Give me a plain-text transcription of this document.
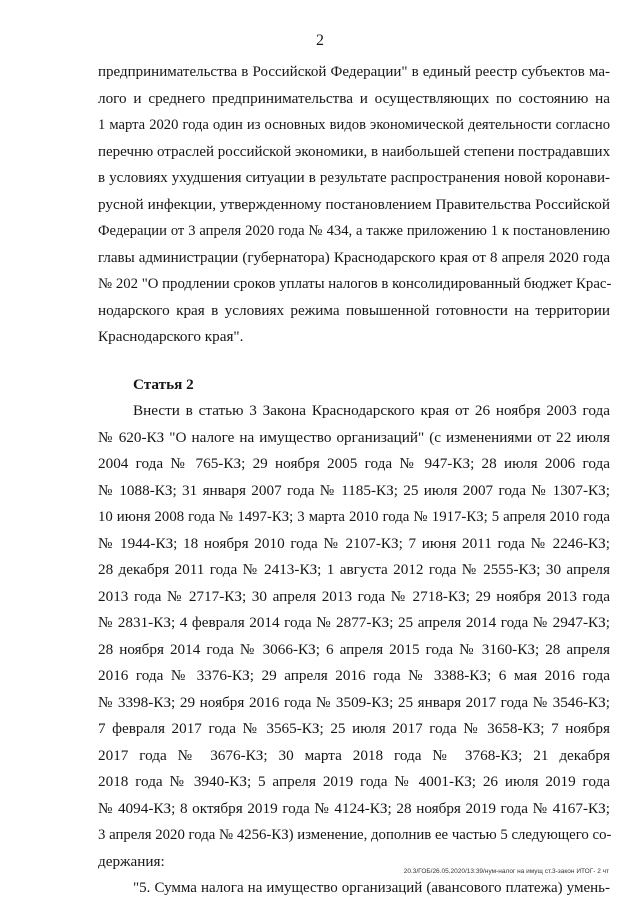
2
предпринимательства в Российской Федерации" в единый реестр субъектов ма-
лого и среднего предпринимательства и осуществляющих по состоянию на
1 марта 2020 года один из основных видов экономической деятельности согласно
перечню отраслей российской экономики, в наибольшей степени пострадавших
в условиях ухудшения ситуации в результате распространения новой коронави-
русной инфекции, утвержденному постановлением Правительства Российской
Федерации от 3 апреля 2020 года № 434, а также приложению 1 к постановлению
главы администрации (губернатора) Краснодарского края от 8 апреля 2020 года
№ 202 "О продлении сроков уплаты налогов в консолидированный бюджет Крас-
нодарского края в условиях режима повышенной готовности на территории
Краснодарского края".
Статья 2
Внести в статью 3 Закона Краснодарского края от 26 ноября 2003 года
№ 620-КЗ "О налоге на имущество организаций" (с изменениями от 22 июля
2004 года № 765-КЗ; 29 ноября 2005 года № 947-КЗ; 28 июля 2006 года
№ 1088-КЗ; 31 января 2007 года № 1185-КЗ; 25 июля 2007 года № 1307-КЗ;
10 июня 2008 года № 1497-КЗ; 3 марта 2010 года № 1917-КЗ; 5 апреля 2010 года
№ 1944-КЗ; 18 ноября 2010 года № 2107-КЗ; 7 июня 2011 года № 2246-КЗ;
28 декабря 2011 года № 2413-КЗ; 1 августа 2012 года № 2555-КЗ; 30 апреля
2013 года № 2717-КЗ; 30 апреля 2013 года № 2718-КЗ; 29 ноября 2013 года
№ 2831-КЗ; 4 февраля 2014 года № 2877-КЗ; 25 апреля 2014 года № 2947-КЗ;
28 ноября 2014 года № 3066-КЗ; 6 апреля 2015 года № 3160-КЗ; 28 апреля
2016 года № 3376-КЗ; 29 апреля 2016 года № 3388-КЗ; 6 мая 2016 года
№ 3398-КЗ; 29 ноября 2016 года № 3509-КЗ; 25 января 2017 года № 3546-КЗ;
7 февраля 2017 года № 3565-КЗ; 25 июля 2017 года № 3658-КЗ; 7 ноября
2017 года № 3676-КЗ; 30 марта 2018 года № 3768-КЗ; 21 декабря
2018 года № 3940-КЗ; 5 апреля 2019 года № 4001-КЗ; 26 июля 2019 года
№ 4094-КЗ; 8 октября 2019 года № 4124-КЗ; 28 ноября 2019 года № 4167-КЗ;
3 апреля 2020 года № 4256-КЗ) изменение, дополнив ее частью 5 следующего со-
держания:
"5. Сумма налога на имущество организаций (авансового платежа) умень-
20.3/ГОБ/26.05.2020/13:39/нум-налог на имущ ст.3-закон ИТОГ- 2 чт
